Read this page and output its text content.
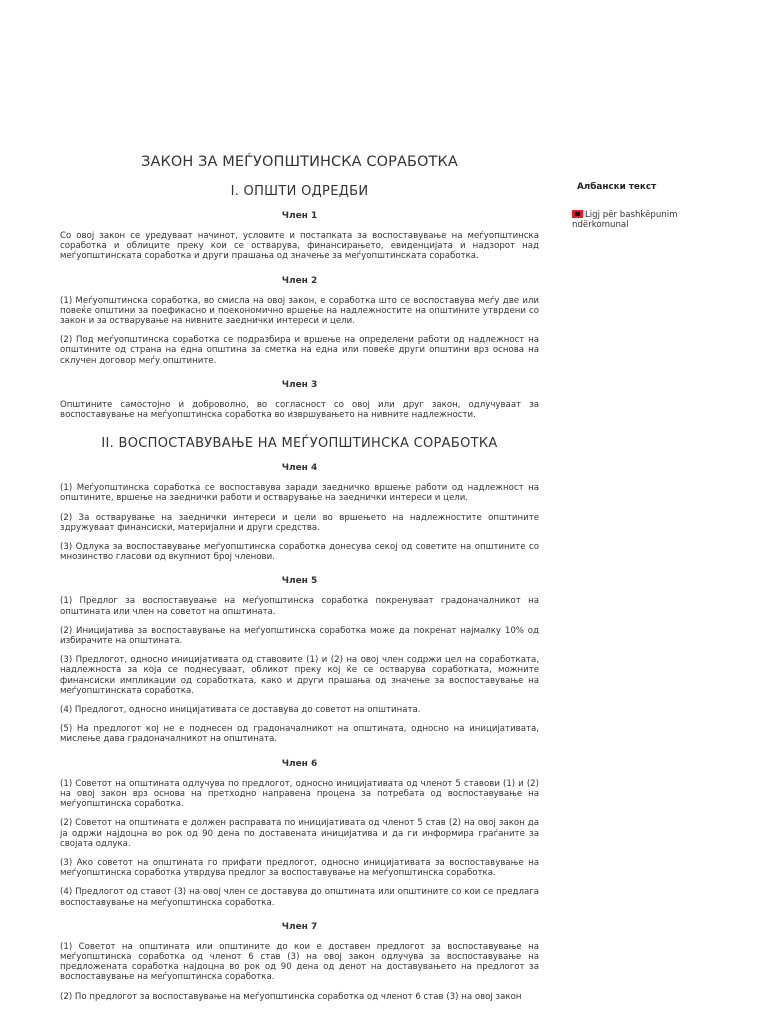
ЗАКОН ЗА МЕЃУОПШТИНСКА СОРАБОТКА
I. ОПШТИ ОДРЕДБИ
Член 1

Со овој закон се уредуваат начинот, условите и постапката за воспоставување на меѓуопштинска соработка и облиците преку кои се остварува, финансирањето, евиденцијата и надзорот над меѓуопштинската соработка и други прашања од значење за меѓуопштинската соработка.

Член 2

(1) Меѓуопштинска соработка, во смисла на овој закон, е соработка што се воспоставува меѓу две или повеќе општини за поефикасно и поекономично вршење на надлежностите на општините утврдени со закон и за остварување на нивните заеднички интереси и цели.

(2) Под меѓуопштинска соработка се подразбира и вршење на определени работи од надлежност на општините од страна на една општина за сметка на една или повеќе други општини врз основа на склучен договор меѓу општините.

Член 3

Општините самостојно и доброволно, во согласност со овој или друг закон, одлучуваат за воспоставување на меѓуопштинска соработка во извршувањето на нивните надлежности.

II. ВОСПОСТАВУВАЊЕ НА МЕЃУОПШТИНСКА СОРАБОТКА
Член 4

(1) Меѓуопштинска соработка се воспоставува заради заедничко вршење работи од надлежност на општините, вршење на заеднички работи и остварување на заеднички интереси и цели.

(2) За остварување на заеднички интереси и цели во вршењето на надлежностите општините здружуваат финансиски, материјални и други средства.

(3) Одлука за воспоставување меѓуопштинска соработка донесува секој од советите на општините со мнозинство гласови од вкупниот број членови.

Член 5

(1) Предлог за воспоставување на меѓуопштинска соработка покренуваат градоначалникот на општината или член на советот на општината.

(2) Иницијатива за воспоставување на меѓуопштинска соработка може да покренат најмалку 10% од избирачите на општината.

(3) Предлогот, односно иницијативата од ставовите (1) и (2) на овој член содржи цел на соработката, надлежноста за која се поднесуваат, обликот преку кој ќе се остварува соработката, можните финансиски импликации од соработката, како и други прашања од значење за воспоставување на меѓуопштинската соработка.

(4) Предлогот, односно иницијативата се доставува до советот на општината.

(5) На предлогот кој не е поднесен од градоначалникот на општината, односно на иницијативата, мислење дава градоначалникот на општината.

Член 6

(1) Советот на општината одлучува по предлогот, односно иницијативата од членот 5 ставови (1) и (2) на овој закон врз основа на претходно направена процена за потребата од воспоставување на меѓуопштинска соработка.

(2) Советот на општината е должен расправата по иницијативата од членот 5 став (2) на овој закон да ја одржи најдоцна во рок од 90 дена по доставената иницијатива и да ги информира граѓаните за својата одлука.

(3) Ако советот на општината го прифати предлогот, односно иницијативата за воспоставување на меѓуопштинска соработка утврдува предлог за воспоставување на меѓуопштинска соработка.

(4) Предлогот од ставот (3) на овој член се доставува до општината или општините со кои се предлага воспоставување на меѓуопштинска соработка.

Член 7

(1) Советот на општината или општините до кои е доставен предлогот за воспоставување на меѓуопштинска соработка од членот 6 став (3) на овој закон одлучува за воспоставување на предложената соработка најдоцна во рок од 90 дена од денот на доставувањето на предлогот за воспоставување на меѓуопштинска соработка.

(2) По предлогот за воспоставување на меѓуопштинска соработка од членот 6 став (3) на овој закон

Албански текст
Ligj për bashkëpunim ndërkomunal
